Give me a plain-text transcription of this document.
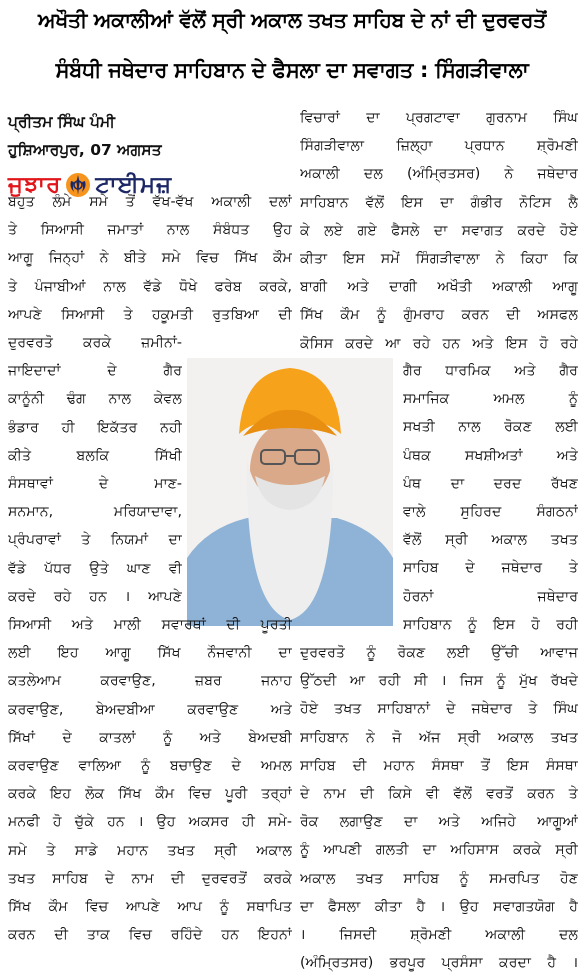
ਅਖੌਤੀ ਅਕਾਲੀਆਂ ਵੱਲੋਂ ਸ੍ਰੀ ਅਕਾਲ ਤਖਤ ਸਾਹਿਬ ਦੇ ਨਾਂ ਦੀ ਦੁਰਵਰਤੋਂ
ਸੰਬੰਧੀ ਜਥੇਦਾਰ ਸਾਹਿਬਾਨ ਦੇ ਫੈਸਲਾ ਦਾ ਸਵਾਗਤ : ਸਿੰਗੜੀਵਾਲਾ
ਪ੍ਰੀਤਮ ਸਿੰਘ ਪੰਮੀ
ਹੁਸ਼ਿਆਰਪੁਰ, 07 ਅਗਸਤ
ਜੁਝਾਰ ਟਾਈਮਜ਼
ਬਹੁਤ ਲੰਮੇ ਸਮੇ ਤੋਂ ਵੱਖ-ਵੱਖ ਅਕਾਲੀ ਦਲਾਂ
ਤੇ ਸਿਆਸੀ ਜਮਾਤਾਂ ਨਾਲ ਸੰਬੰਧਤ ਉਹ
ਆਗੂ ਜਿਨ੍ਹਾਂ ਨੇ ਬੀਤੇ ਸਮੇ ਵਿਚ ਸਿੱਖ ਕੌਮ
ਤੇ ਪੰਜਾਬੀਆਂ ਨਾਲ ਵੱਡੇ ਧੋਖੇ ਫਰੇਬ ਕਰਕੇ,
ਆਪਣੇ ਸਿਆਸੀ ਤੇ ਹਕੂਮਤੀ ਰੁਤਬਿਆ ਦੀ
ਦੁਰਵਰਤੋ ਕਰਕੇ ਜ਼ਮੀਨਾਂ-
ਜਾਇਦਾਦਾਂ	ਦੇ	ਗੈਰ
ਕਾਨੂੰਨੀ ਢੰਗ ਨਾਲ ਕੇਵਲ
ਭੰਡਾਰ ਹੀ ਇਕੱਤਰ ਨਹੀ
ਕੀਤੇ	ਬਲਕਿ	ਸਿੱਖੀ
ਸੰਸਥਾਵਾਂ	ਦੇ	ਮਾਣ-
ਸਨਮਾਨ,	ਮਰਿਯਾਦਾਵਾ,
ਪ੍ਰੰਪਰਾਵਾਂ ਤੇ ਨਿਯਮਾਂ ਦਾ
ਵੱਡੇ ਪੱਧਰ ਉਤੇ ਘਾਣ ਵੀ
ਕਰਦੇ ਰਹੇ ਹਨ । ਆਪਣੇ
ਸਿਆਸੀ ਅਤੇ ਮਾਲੀ ਸਵਾਰਥਾਂ ਦੀ ਪੂਰਤੀ
ਲਈ ਇਹ ਆਗੂ ਸਿੱਖ ਨੌਜਵਾਨੀ ਦਾ
ਕਤਲੇਆਮ	ਕਰਵਾਉਣ,	ਜ਼ਬਰ	ਜਨਾਹ
ਕਰਵਾਉਣ, ਬੇਅਦਬੀਆ ਕਰਵਾਉਣ ਅਤੇ
ਸਿੱਖਾਂ ਦੇ ਕਾਤਲਾਂ ਨੂੰ ਅਤੇ ਬੇਅਦਬੀ
ਕਰਵਾਉਣ ਵਾਲਿਆ ਨੂੰ ਬਚਾਉਣ ਦੇ ਅਮਲ
ਕਰਕੇ ਇਹ ਲੋਕ ਸਿੱਖ ਕੌਮ ਵਿਚ ਪੂਰੀ ਤਰ੍ਹਾਂ
ਮਨਫੀ ਹੋ ਚੁੱਕੇ ਹਨ । ਉਹ ਅਕਸਰ ਹੀ ਸਮੇ-
ਸਮੇ ਤੇ ਸਾਡੇ ਮਹਾਨ ਤਖਤ ਸ੍ਰੀ ਅਕਾਲ
ਤਖਤ ਸਾਹਿਬ ਦੇ ਨਾਮ ਦੀ ਦੁਰਵਰਤੋਂ ਕਰਕੇ
ਸਿੱਖ ਕੌਮ ਵਿਚ ਆਪਣੇ ਆਪ ਨੂੰ ਸਥਾਪਿਤ
ਕਰਨ ਦੀ ਤਾਕ ਵਿਚ ਰਹਿੰਦੇ ਹਨ ਇਹਨਾਂ
ਵਿਚਾਰਾਂ ਦਾ ਪ੍ਰਗਟਾਵਾ ਗੁਰਨਾਮ ਸਿੰਘ
ਸਿੰਗੜੀਵਾਲਾ ਜ਼ਿਲ੍ਹਾ ਪ੍ਰਧਾਨ ਸ਼੍ਰੋਮਣੀ
ਅਕਾਲੀ ਦਲ (ਅੰਮ੍ਰਿਤਸਰ) ਨੇ ਜਥੇਦਾਰ
ਸਾਹਿਬਾਨ ਵੱਲੋਂ ਇਸ ਦਾ ਗੰਭੀਰ ਨੋਟਿਸ ਲੈ
ਕੇ ਲਏ ਗਏ ਫੈਸਲੇ ਦਾ ਸਵਾਗਤ ਕਰਦੇ ਹੋਏ
ਕੀਤਾ ਇਸ ਸਮੇਂ ਸਿੰਗੜੀਵਾਲਾ ਨੇ ਕਿਹਾ ਕਿ
ਬਾਗੀ ਅਤੇ ਦਾਗੀ ਅਖੌਤੀ ਅਕਾਲੀ ਆਗੂ
ਸਿੱਖ ਕੌਮ ਨੂੰ ਗੁੰਮਰਾਹ ਕਰਨ ਦੀ ਅਸਫਲ
ਕੋਸਿਸ ਕਰਦੇ ਆ ਰਹੇ ਹਨ ਅਤੇ ਇਸ ਹੋ ਰਹੇ
ਗੈਰ ਧਾਰਮਿਕ ਅਤੇ ਗੈਰ
ਸਮਾਜਿਕ	ਅਮਲ	ਨੂੰ
ਸਖਤੀ ਨਾਲ ਰੋਕਣ ਲਈ
ਪੰਥਕ ਸਖਸ਼ੀਅਤਾਂ ਅਤੇ
ਪੰਥ ਦਾ ਦਰਦ ਰੱਖਣ
ਵਾਲੇ ਸੁਹਿਰਦ ਸੰਗਠਨਾਂ
ਵੱਲੋਂ ਸ੍ਰੀ ਅਕਾਲ ਤਖਤ
ਸਾਹਿਬ ਦੇ ਜਥੇਦਾਰ ਤੇ
ਹੋਰਨਾਂ	ਜਥੇਦਾਰ
ਸਾਹਿਬਾਨ ਨੂੰ ਇਸ ਹੋ ਰਹੀ
ਦੁਰਵਰਤੋ ਨੂੰ ਰੋਕਣ ਲਈ ਉੱਚੀ ਆਵਾਜ
ਉੱਠਦੀ ਆ ਰਹੀ ਸੀ । ਜਿਸ ਨੂੰ ਮੁੱਖ ਰੱਖਦੇ
ਹੋਏ ਤਖਤ ਸਾਹਿਬਾਨਾਂ ਦੇ ਜਥੇਦਾਰ ਤੇ ਸਿੰਘ
ਸਾਹਿਬਾਨ ਨੇ ਜੋ ਅੱਜ ਸ੍ਰੀ ਅਕਾਲ ਤਖਤ
ਸਾਹਿਬ ਦੀ ਮਹਾਨ ਸੰਸਥਾ ਤੋਂ ਇਸ ਸੰਸਥਾ
ਦੇ ਨਾਮ ਦੀ ਕਿਸੇ ਵੀ ਵੱਲੋਂ ਵਰਤੋਂ ਕਰਨ ਤੇ
ਰੋਕ ਲਗਾਉਣ ਦਾ ਅਤੇ ਅਜਿਹੇ ਆਗੂਆਂ
ਨੂੰ ਆਪਣੀ ਗਲਤੀ ਦਾ ਅਹਿਸਾਸ ਕਰਕੇ ਸ੍ਰੀ
ਅਕਾਲ ਤਖਤ ਸਾਹਿਬ ਨੂੰ ਸਮਰਪਿਤ ਹੋਣ
ਦਾ ਫੈਸਲਾ ਕੀਤਾ ਹੈ । ਉਹ ਸਵਾਗਤਯੋਗ ਹੈ
। ਜਿਸਦੀ ਸ਼੍ਰੋਮਣੀ ਅਕਾਲੀ ਦਲ
(ਅੰਮ੍ਰਿਤਸਰ) ਭਰਪੂਰ ਪ੍ਰਸੰਸਾ ਕਰਦਾ ਹੈ ।
